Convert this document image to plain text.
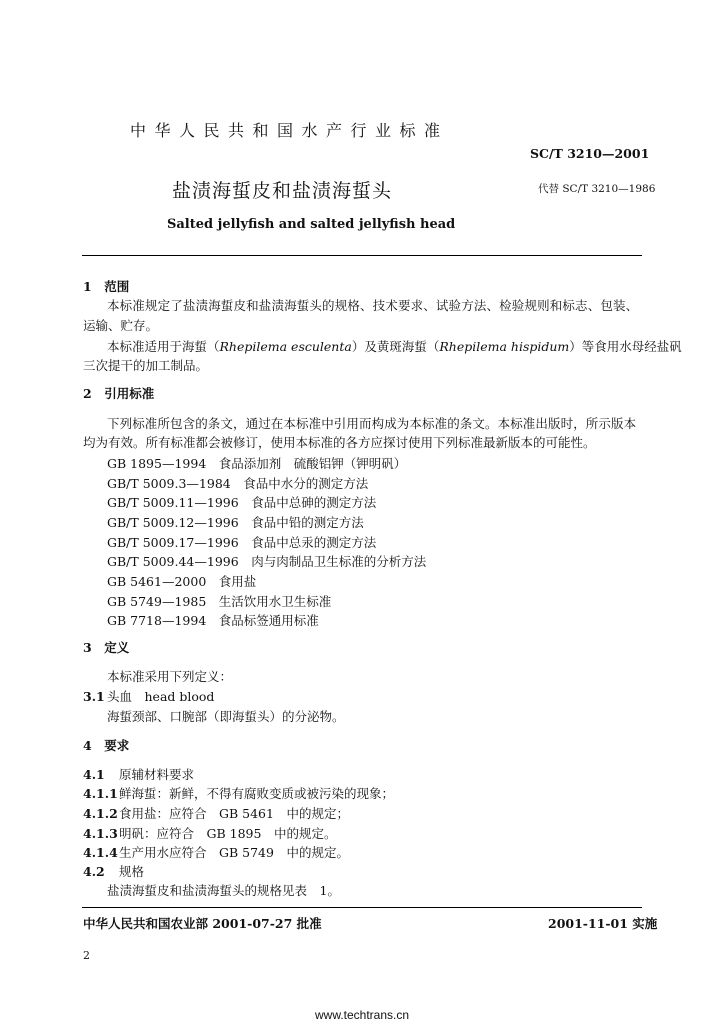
中华人民共和国水产行业标准
SC/T 3210—2001
盐渍海蜇皮和盐渍海蜇头	代替 SC/T 3210—1986
Salted jellyfish and salted jellyfish head
1　范围
本标准规定了盐渍海蜇皮和盐渍海蜇头的规格、技术要求、试验方法、检验规则和标志、包装、
运输、贮存。
本标准适用于海蜇（Rhepilema esculenta）及黄斑海蜇（Rhepilema hispidum）等食用水母经盐矾
三次提干的加工制品。
2　引用标准
下列标准所包含的条文，通过在本标准中引用而构成为本标准的条文。本标准出版时，所示版本
均为有效。所有标准都会被修订，使用本标准的各方应探讨使用下列标准最新版本的可能性。
GB 1895—1994　食品添加剂　硫酸铝钾（钾明矾）
GB/T 5009.3—1984　食品中水分的测定方法
GB/T 5009.11—1996　食品中总砷的测定方法
GB/T 5009.12—1996　食品中铅的测定方法
GB/T 5009.17—1996　食品中总汞的测定方法
GB/T 5009.44—1996　肉与肉制品卫生标准的分析方法
GB 5461—2000　食用盐
GB 5749—1985　生活饮用水卫生标准
GB 7718—1994　食品标签通用标准
3　定义
本标准采用下列定义：
3.1 头血　head blood
海蜇颈部、口腕部（即海蜇头）的分泌物。
4　要求
4.1 原辅材料要求
4.1.1鲜海蜇：新鲜，不得有腐败变质或被污染的现象；
4.1.2食用盐：应符合　GB 5461　中的规定；
4.1.3明矾：应符合　GB 1895　中的规定。
4.1.4生产用水应符合　GB 5749　中的规定。
4.2 规格
盐渍海蜇皮和盐渍海蜇头的规格见表　1。
中华人民共和国农业部 2001-07-27 批准	2001-11-01 实施
2
www.techtrans.cn
